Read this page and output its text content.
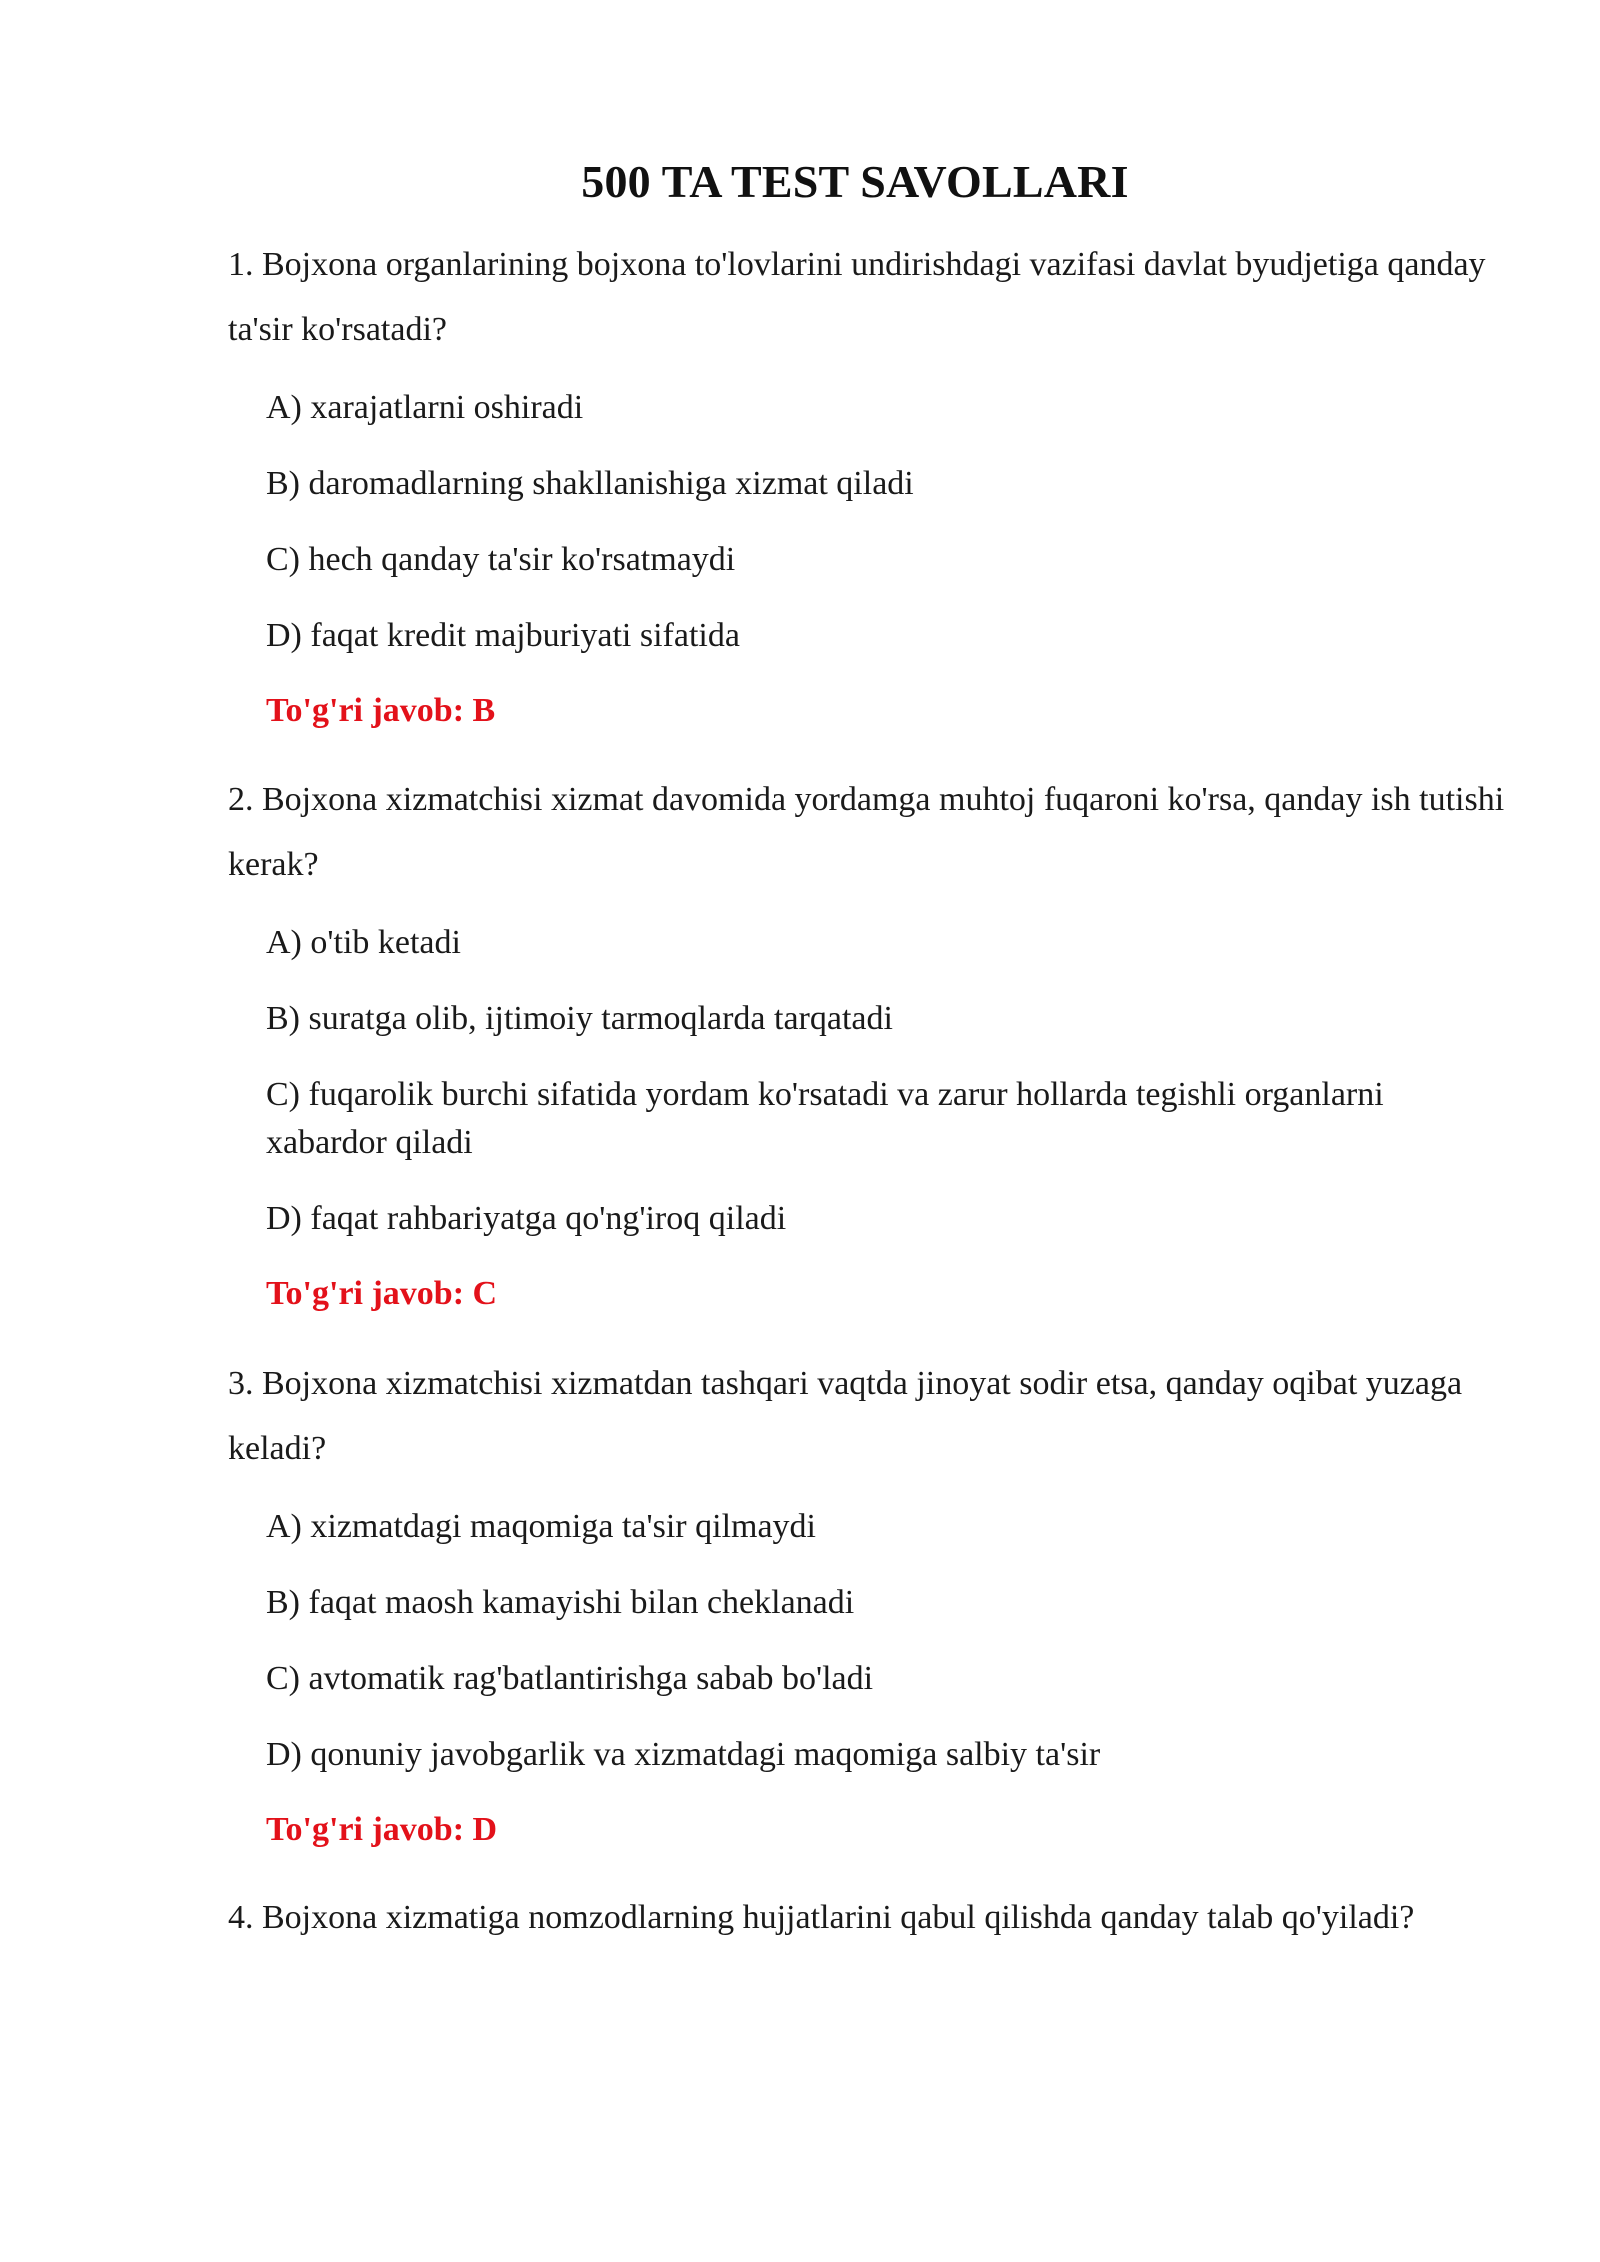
500 TA TEST SAVOLLARI

1. Bojxona organlarining bojxona to'lovlarini undirishdagi vazifasi davlat byudjetiga qanday ta'sir ko'rsatadi?

A) xarajatlarni oshiradi
B) daromadlarning shakllanishiga xizmat qiladi
C) hech qanday ta'sir ko'rsatmaydi
D) faqat kredit majburiyati sifatida
To'g'ri javob: B

2. Bojxona xizmatchisi xizmat davomida yordamga muhtoj fuqaroni ko'rsa, qanday ish tutishi kerak?

A) o'tib ketadi
B) suratga olib, ijtimoiy tarmoqlarda tarqatadi
C) fuqarolik burchi sifatida yordam ko'rsatadi va zarur hollarda tegishli organlarni xabardor qiladi
D) faqat rahbariyatga qo'ng'iroq qiladi
To'g'ri javob: C

3. Bojxona xizmatchisi xizmatdan tashqari vaqtda jinoyat sodir etsa, qanday oqibat yuzaga keladi?

A) xizmatdagi maqomiga ta'sir qilmaydi
B) faqat maosh kamayishi bilan cheklanadi
C) avtomatik rag'batlantirishga sabab bo'ladi
D) qonuniy javobgarlik va xizmatdagi maqomiga salbiy ta'sir
To'g'ri javob: D

4. Bojxona xizmatiga nomzodlarning hujjatlarini qabul qilishda qanday talab qo'yiladi?
